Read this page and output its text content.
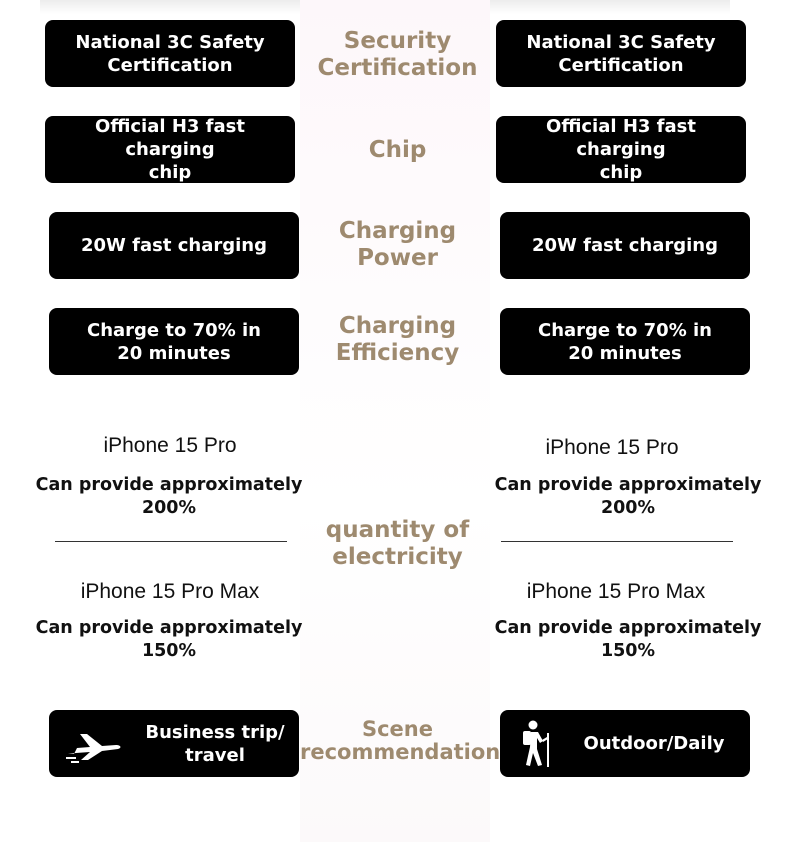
National 3C Safety
Certification
Security
Certification
National 3C Safety
Certification
Official H3 fast charging
chip
Chip
Official H3 fast charging
chip
20W fast charging
Charging
Power	20W fast charging
Charge to 70% in
20 minutes
Charging
Efficiency
Charge to 70% in
20 minutes
iPhone 15 Pro
Can provide approximately
200%
iPhone 15 Pro Max
Can provide approximately
150%
quantity of
electricity
iPhone 15 Pro
Can provide approximately
200%
iPhone 15 Pro Max
Can provide approximately
150%
Business trip/
travel
Scene
recommendation	Outdoor/Daily
